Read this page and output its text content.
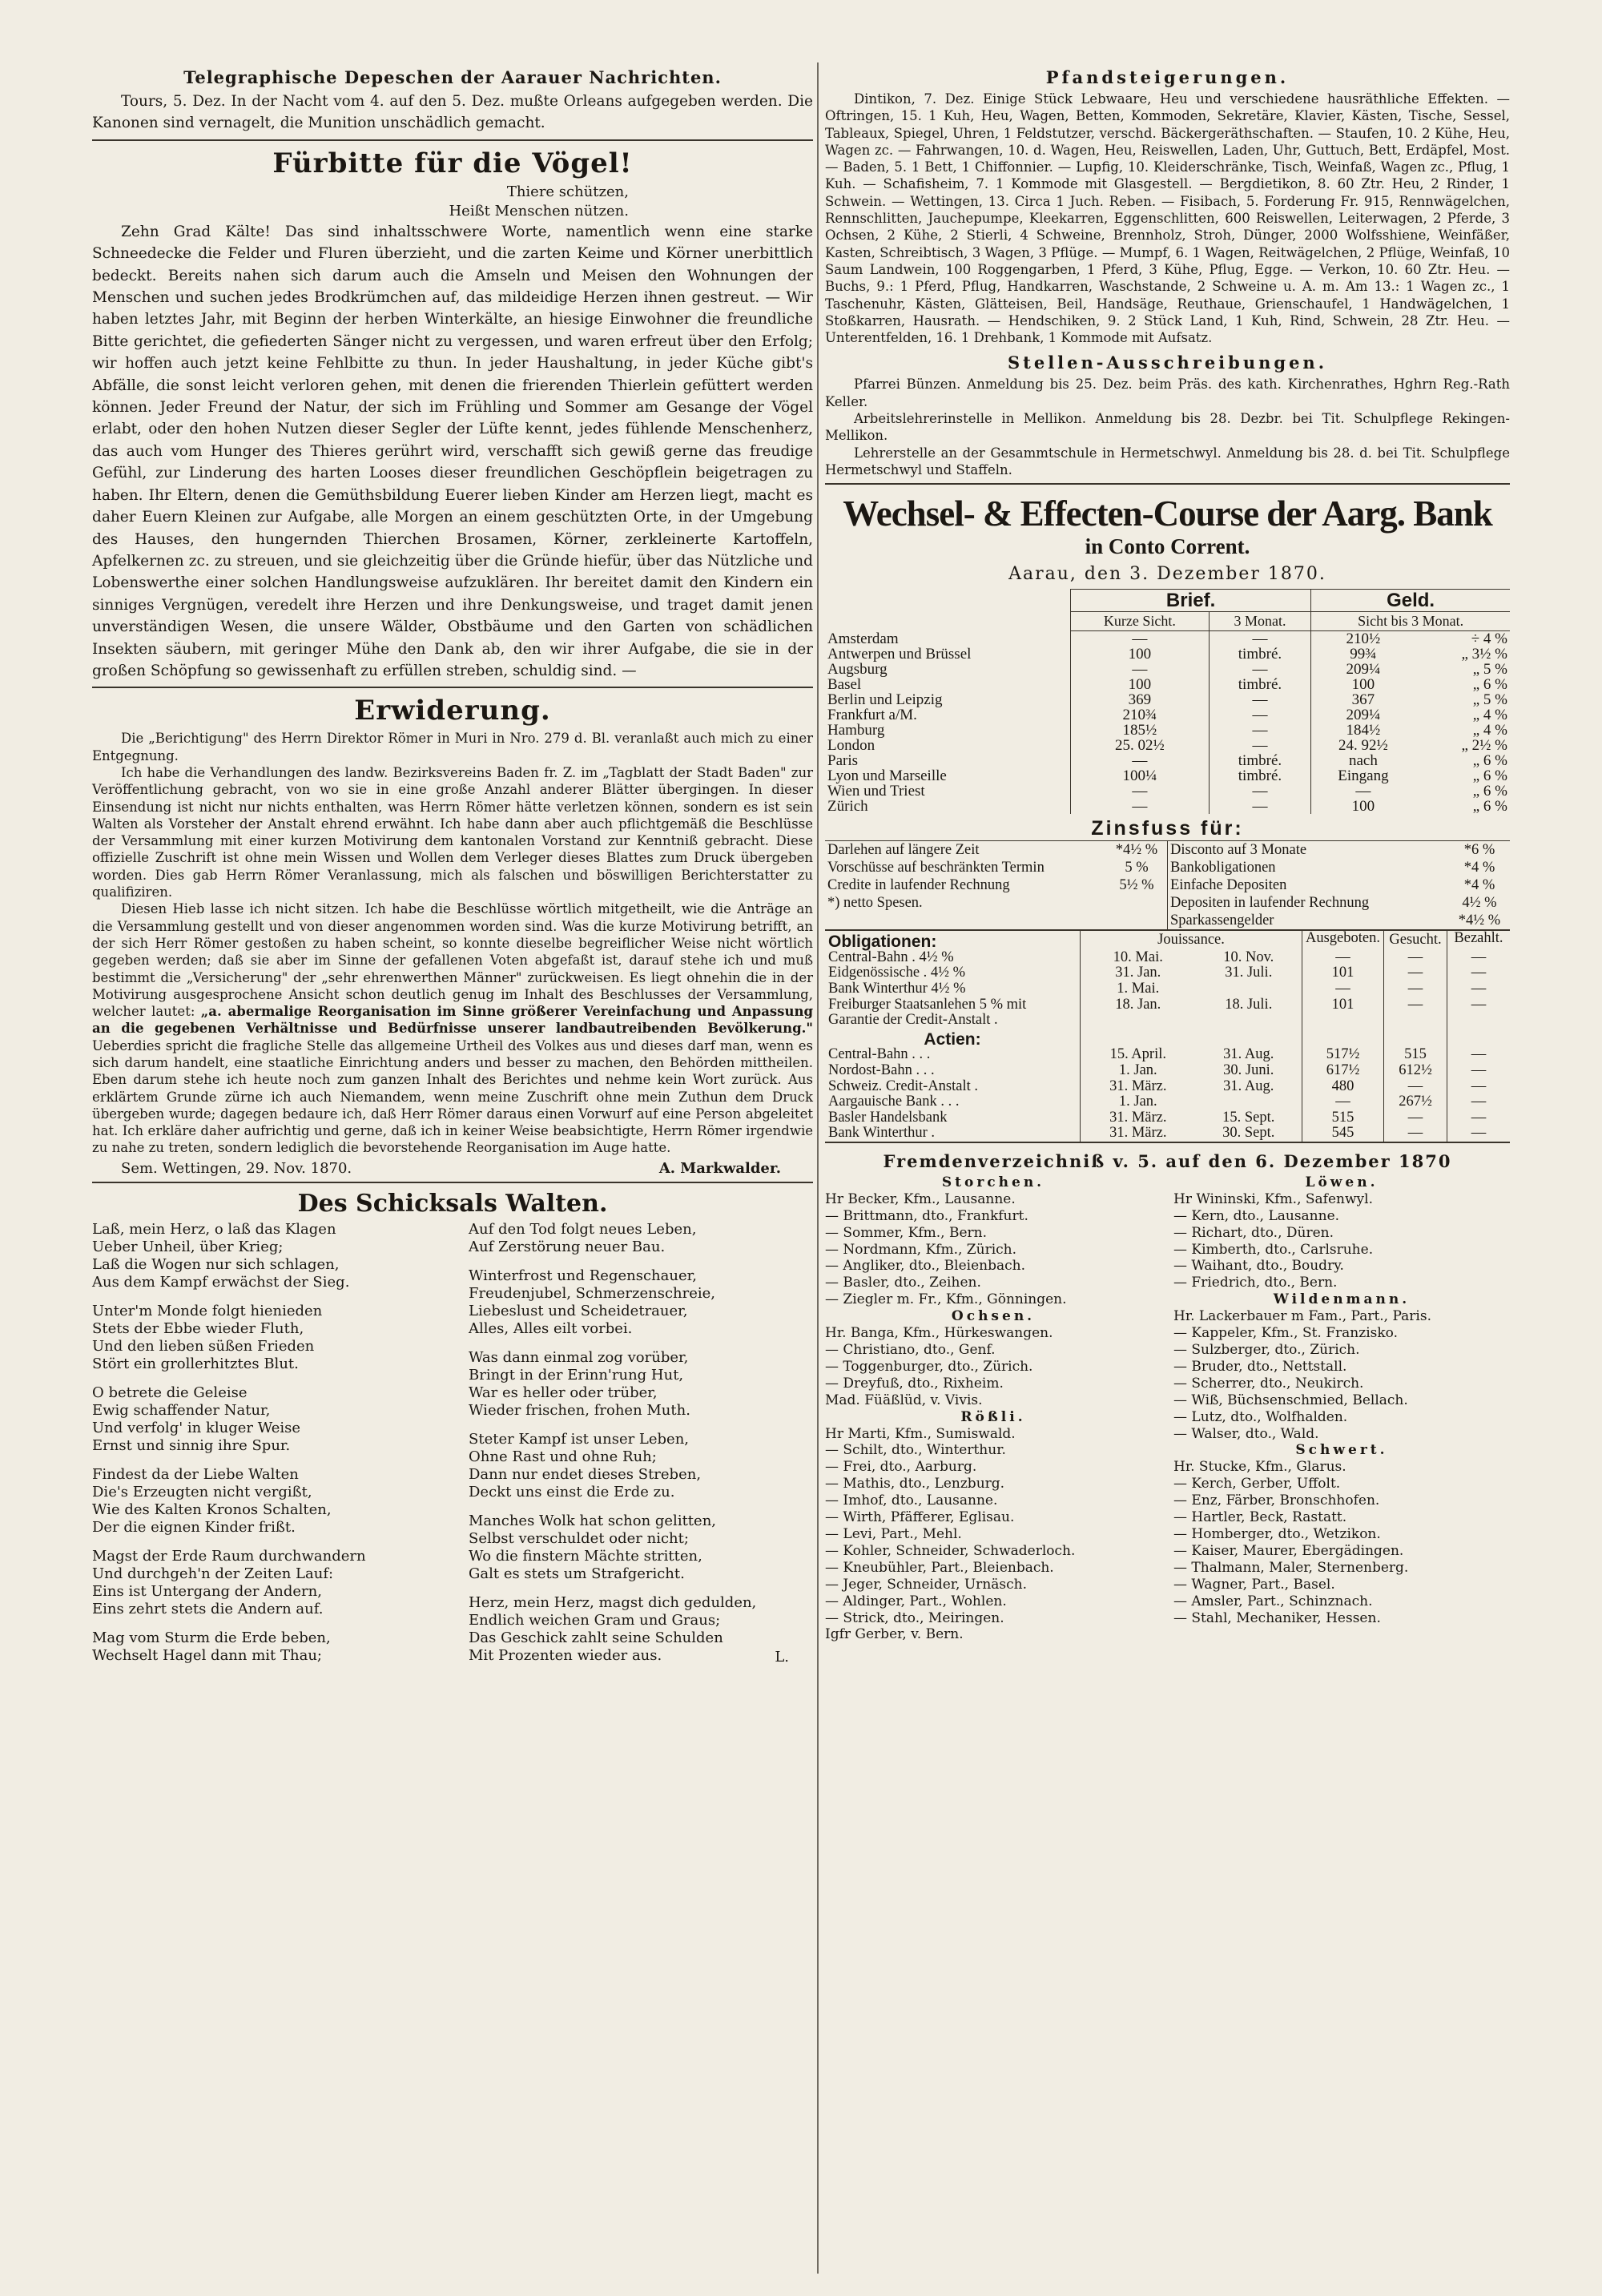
Telegraphische Depeschen der Aarauer Nachrichten.

Tours, 5. Dez. In der Nacht vom 4. auf den 5. Dez. mußte Orleans aufgegeben werden. Die Kanonen sind vernagelt, die Munition unschädlich gemacht.

Fürbitte für die Vögel!
Thiere schützen,
Heißt Menschen nützen.

Zehn Grad Kälte! Das sind inhaltsschwere Worte, namentlich wenn eine starke Schneedecke die Felder und Fluren überzieht, und die zarten Keime und Körner unerbittlich bedeckt. Bereits nahen sich darum auch die Amseln und Meisen den Wohnungen der Menschen und suchen jedes Brodkrümchen auf, das mildeidige Herzen ihnen gestreut. — Wir haben letztes Jahr, mit Beginn der herben Winterkälte, an hiesige Einwohner die freundliche Bitte gerichtet, die gefiederten Sänger nicht zu vergessen, und waren erfreut über den Erfolg; wir hoffen auch jetzt keine Fehlbitte zu thun. In jeder Haushaltung, in jeder Küche gibt's Abfälle, die sonst leicht verloren gehen, mit denen die frierenden Thierlein gefüttert werden können. Jeder Freund der Natur, der sich im Frühling und Sommer am Gesange der Vögel erlabt, oder den hohen Nutzen dieser Segler der Lüfte kennt, jedes fühlende Menschenherz, das auch vom Hunger des Thieres gerührt wird, verschafft sich gewiß gerne das freudige Gefühl, zur Linderung des harten Looses dieser freundlichen Geschöpflein beigetragen zu haben. Ihr Eltern, denen die Gemüthsbildung Euerer lieben Kinder am Herzen liegt, macht es daher Euern Kleinen zur Aufgabe, alle Morgen an einem geschützten Orte, in der Umgebung des Hauses, den hungernden Thierchen Brosamen, Körner, zerkleinerte Kartoffeln, Apfelkernen zc. zu streuen, und sie gleichzeitig über die Gründe hiefür, über das Nützliche und Lobenswerthe einer solchen Handlungsweise aufzuklären. Ihr bereitet damit den Kindern ein sinniges Vergnügen, veredelt ihre Herzen und ihre Denkungsweise, und traget damit jenen unverständigen Wesen, die unsere Wälder, Obstbäume und den Garten von schädlichen Insekten säubern, mit geringer Mühe den Dank ab, den wir ihrer Aufgabe, die sie in der großen Schöpfung so gewissenhaft zu erfüllen streben, schuldig sind. —

Erwiderung.

Die „Berichtigung" des Herrn Direktor Römer in Muri in Nro. 279 d. Bl. veranlaßt auch mich zu einer Entgegnung.

Ich habe die Verhandlungen des landw. Bezirksvereins Baden fr. Z. im „Tagblatt der Stadt Baden" zur Veröffentlichung gebracht, von wo sie in eine große Anzahl anderer Blätter übergingen. In dieser Einsendung ist nicht nur nichts enthalten, was Herrn Römer hätte verletzen können, sondern es ist sein Walten als Vorsteher der Anstalt ehrend erwähnt. Ich habe dann aber auch pflichtgemäß die Beschlüsse der Versammlung mit einer kurzen Motivirung dem kantonalen Vorstand zur Kenntniß gebracht. Diese offizielle Zuschrift ist ohne mein Wissen und Wollen dem Verleger dieses Blattes zum Druck übergeben worden. Dies gab Herrn Römer Veranlassung, mich als falschen und böswilligen Berichterstatter zu qualifiziren.

Diesen Hieb lasse ich nicht sitzen. Ich habe die Beschlüsse wörtlich mitgetheilt, wie die Anträge an die Versammlung gestellt und von dieser angenommen worden sind. Was die kurze Motivirung betrifft, an der sich Herr Römer gestoßen zu haben scheint, so konnte dieselbe begreiflicher Weise nicht wörtlich gegeben werden; daß sie aber im Sinne der gefallenen Voten abgefaßt ist, darauf stehe ich und muß bestimmt die „Versicherung" der „sehr ehrenwerthen Männer" zurückweisen. Es liegt ohnehin die in der Motivirung ausgesprochene Ansicht schon deutlich genug im Inhalt des Beschlusses der Versammlung, welcher lautet: „a. abermalige Reorganisation im Sinne größerer Vereinfachung und Anpassung an die gegebenen Verhältnisse und Bedürfnisse unserer landbautreibenden Bevölkerung." Ueberdies spricht die fragliche Stelle das allgemeine Urtheil des Volkes aus und dieses darf man, wenn es sich darum handelt, eine staatliche Einrichtung anders und besser zu machen, den Behörden mittheilen. Eben darum stehe ich heute noch zum ganzen Inhalt des Berichtes und nehme kein Wort zurück. Aus erklärtem Grunde zürne ich auch Niemandem, wenn meine Zuschrift ohne mein Zuthun dem Druck übergeben wurde; dagegen bedaure ich, daß Herr Römer daraus einen Vorwurf auf eine Person abgeleitet hat. Ich erkläre daher aufrichtig und gerne, daß ich in keiner Weise beabsichtigte, Herrn Römer irgendwie zu nahe zu treten, sondern lediglich die bevorstehende Reorganisation im Auge hatte.

Sem. Wettingen, 29. Nov. 1870.	A. Markwalder.
Des Schicksals Walten.
Laß, mein Herz, o laß das Klagen
Ueber Unheil, über Krieg;
Laß die Wogen nur sich schlagen,
Aus dem Kampf erwächst der Sieg.
Unter'm Monde folgt hienieden
Stets der Ebbe wieder Fluth,
Und den lieben süßen Frieden
Stört ein grollerhitztes Blut.
O betrete die Geleise
Ewig schaffender Natur,
Und verfolg' in kluger Weise
Ernst und sinnig ihre Spur.
Findest da der Liebe Walten
Die's Erzeugten nicht vergißt,
Wie des Kalten Kronos Schalten,
Der die eignen Kinder frißt.
Magst der Erde Raum durchwandern
Und durchgeh'n der Zeiten Lauf:
Eins ist Untergang der Andern,
Eins zehrt stets die Andern auf.
Mag vom Sturm die Erde beben,
Wechselt Hagel dann mit Thau;
Auf den Tod folgt neues Leben,
Auf Zerstörung neuer Bau.
Winterfrost und Regenschauer,
Freudenjubel, Schmerzenschreie,
Liebeslust und Scheidetrauer,
Alles, Alles eilt vorbei.
Was dann einmal zog vorüber,
Bringt in der Erinn'rung Hut,
War es heller oder trüber,
Wieder frischen, frohen Muth.
Steter Kampf ist unser Leben,
Ohne Rast und ohne Ruh;
Dann nur endet dieses Streben,
Deckt uns einst die Erde zu.
Manches Wolk hat schon gelitten,
Selbst verschuldet oder nicht;
Wo die finstern Mächte stritten,
Galt es stets um Strafgericht.
Herz, mein Herz, magst dich gedulden,
Endlich weichen Gram und Graus;
Das Geschick zahlt seine Schulden
Mit Prozenten wieder aus.	L.
Pfandsteigerungen.

Dintikon, 7. Dez. Einige Stück Lebwaare, Heu und verschiedene hausräthliche Effekten. — Oftringen, 15. 1 Kuh, Heu, Wagen, Betten, Kommoden, Sekretäre, Klavier, Kästen, Tische, Sessel, Tableaux, Spiegel, Uhren, 1 Feldstutzer, verschd. Bäckergeräthschaften. — Staufen, 10. 2 Kühe, Heu, Wagen zc. — Fahrwangen, 10. d. Wagen, Heu, Reiswellen, Laden, Uhr, Guttuch, Bett, Erdäpfel, Most. — Baden, 5. 1 Bett, 1 Chiffonnier. — Lupfig, 10. Kleiderschränke, Tisch, Weinfaß, Wagen zc., Pflug, 1 Kuh. — Schafisheim, 7. 1 Kommode mit Glasgestell. — Bergdietikon, 8. 60 Ztr. Heu, 2 Rinder, 1 Schwein. — Wettingen, 13. Circa 1 Juch. Reben. — Fisibach, 5. Forderung Fr. 915, Rennwägelchen, Rennschlitten, Jauchepumpe, Kleekarren, Eggenschlitten, 600 Reiswellen, Leiterwagen, 2 Pferde, 3 Ochsen, 2 Kühe, 2 Stierli, 4 Schweine, Brennholz, Stroh, Dünger, 2000 Wolfsshiene, Weinfäßer, Kasten, Schreibtisch, 3 Wagen, 3 Pflüge. — Mumpf, 6. 1 Wagen, Reitwägelchen, 2 Pflüge, Weinfaß, 10 Saum Landwein, 100 Roggengarben, 1 Pferd, 3 Kühe, Pflug, Egge. — Verkon, 10. 60 Ztr. Heu. — Buchs, 9.: 1 Pferd, Pflug, Handkarren, Waschstande, 2 Schweine u. A. m. Am 13.: 1 Wagen zc., 1 Taschenuhr, Kästen, Glätteisen, Beil, Handsäge, Reuthaue, Grienschaufel, 1 Handwägelchen, 1 Stoßkarren, Hausrath. — Hendschiken, 9. 2 Stück Land, 1 Kuh, Rind, Schwein, 28 Ztr. Heu. — Unterentfelden, 16. 1 Drehbank, 1 Kommode mit Aufsatz.

Stellen-Ausschreibungen.

Pfarrei Bünzen. Anmeldung bis 25. Dez. beim Präs. des kath. Kirchenrathes, Hghrn Reg.-Rath Keller.

Arbeitslehrerinstelle in Mellikon. Anmeldung bis 28. Dezbr. bei Tit. Schulpflege Rekingen-Mellikon.

Lehrerstelle an der Gesammtschule in Hermetschwyl. Anmeldung bis 28. d. bei Tit. Schulpflege Hermetschwyl und Staffeln.

Wechsel- & Effecten-Course der Aarg. Bank
in Conto Corrent.
Aarau, den 3. Dezember 1870.
	Brief.		Geld.	
	Kurze Sicht.	3 Monat.	Sicht bis 3 Monat.	
Amsterdam	—	—	210½	÷ 4 %
Antwerpen und Brüssel	100	timbré.	99¾	„ 3½ %
Augsburg	—	—	209¼	„ 5 %
Basel	100	timbré.	100	„ 6 %
Berlin und Leipzig	369	—	367	„ 5 %
Frankfurt a/M.	210¾	—	209¼	„ 4 %
Hamburg	185½	—	184½	„ 4 %
London	25. 02½	—	24. 92½	„ 2½ %
Paris	—	timbré.	nach	„ 6 %
Lyon und Marseille	100¼	timbré.	Eingang	„ 6 %
Wien und Triest	—	—	—	„ 6 %
Zürich	—	—	100	„ 6 %
Zinsfuss für:
Darlehen auf längere Zeit	*4½ %
Vorschüsse auf beschränkten Termin	5 %
Credite in laufender Rechnung	5½ %
*) netto Spesen.	

Disconto auf 3 Monate	*6 %
Bankobligationen	*4 %
Einfache Depositen	*4 %
Depositen in laufender Rechnung	4½ %
Sparkassengelder	*4½ %
Obligationen:	Jouissance.		Ausgeboten.	Gesucht.	Bezahlt.
Central-Bahn . 4½ %	10. Mai.	10. Nov.	—	—	—
Eidgenössische . 4½ %	31. Jan.	31. Juli.	101	—	—
Bank Winterthur 4½ %	1. Mai.		—	—	—
Freiburger Staatsanlehen 5 % mit Garantie der Credit-Anstalt .	18. Jan.	18. Juli.	101	—	—
Actien:					
Central-Bahn . . .	15. April.	31. Aug.	517½	515	—
Nordost-Bahn . . .	1. Jan.	30. Juni.	617½	612½	—
Schweiz. Credit-Anstalt .	31. März.	31. Aug.	480	—	—
Aargauische Bank . . .	1. Jan.		—	267½	—
Basler Handelsbank	31. März.	15. Sept.	515	—	—
Bank Winterthur .	31. März.	30. Sept.	545	—	—
Fremdenverzeichniß v. 5. auf den 6. Dezember 1870
Storchen.
Hr Becker, Kfm., Lausanne.
— Brittmann, dto., Frankfurt.
— Sommer, Kfm., Bern.
— Nordmann, Kfm., Zürich.
— Angliker, dto., Bleienbach.
— Basler, dto., Zeihen.
— Ziegler m. Fr., Kfm., Gönningen.
Ochsen.
Hr. Banga, Kfm., Hürkeswangen.
— Christiano, dto., Genf.
— Toggenburger, dto., Zürich.
— Dreyfuß, dto., Rixheim.
Mad. Füäßlüd, v. Vivis.
Rößli.
Hr Marti, Kfm., Sumiswald.
— Schilt, dto., Winterthur.
— Frei, dto., Aarburg.
— Mathis, dto., Lenzburg.
— Imhof, dto., Lausanne.
— Wirth, Pfäfferer, Eglisau.
— Levi, Part., Mehl.
— Kohler, Schneider, Schwaderloch.
— Kneubühler, Part., Bleienbach.
— Jeger, Schneider, Urnäsch.
— Aldinger, Part., Wohlen.
— Strick, dto., Meiringen.
Igfr Gerber, v. Bern.
Löwen.
Hr Wininski, Kfm., Safenwyl.
— Kern, dto., Lausanne.
— Richart, dto., Düren.
— Kimberth, dto., Carlsruhe.
— Waihant, dto., Boudry.
— Friedrich, dto., Bern.
Wildenmann.
Hr. Lackerbauer m Fam., Part., Paris.
— Kappeler, Kfm., St. Franzisko.
— Sulzberger, dto., Zürich.
— Bruder, dto., Nettstall.
— Scherrer, dto., Neukirch.
— Wiß, Büchsenschmied, Bellach.
— Lutz, dto., Wolfhalden.
— Walser, dto., Wald.
Schwert.
Hr. Stucke, Kfm., Glarus.
— Kerch, Gerber, Uffolt.
— Enz, Färber, Bronschhofen.
— Hartler, Beck, Rastatt.
— Homberger, dto., Wetzikon.
— Kaiser, Maurer, Ebergädingen.
— Thalmann, Maler, Sternenberg.
— Wagner, Part., Basel.
— Amsler, Part., Schinznach.
— Stahl, Mechaniker, Hessen.
